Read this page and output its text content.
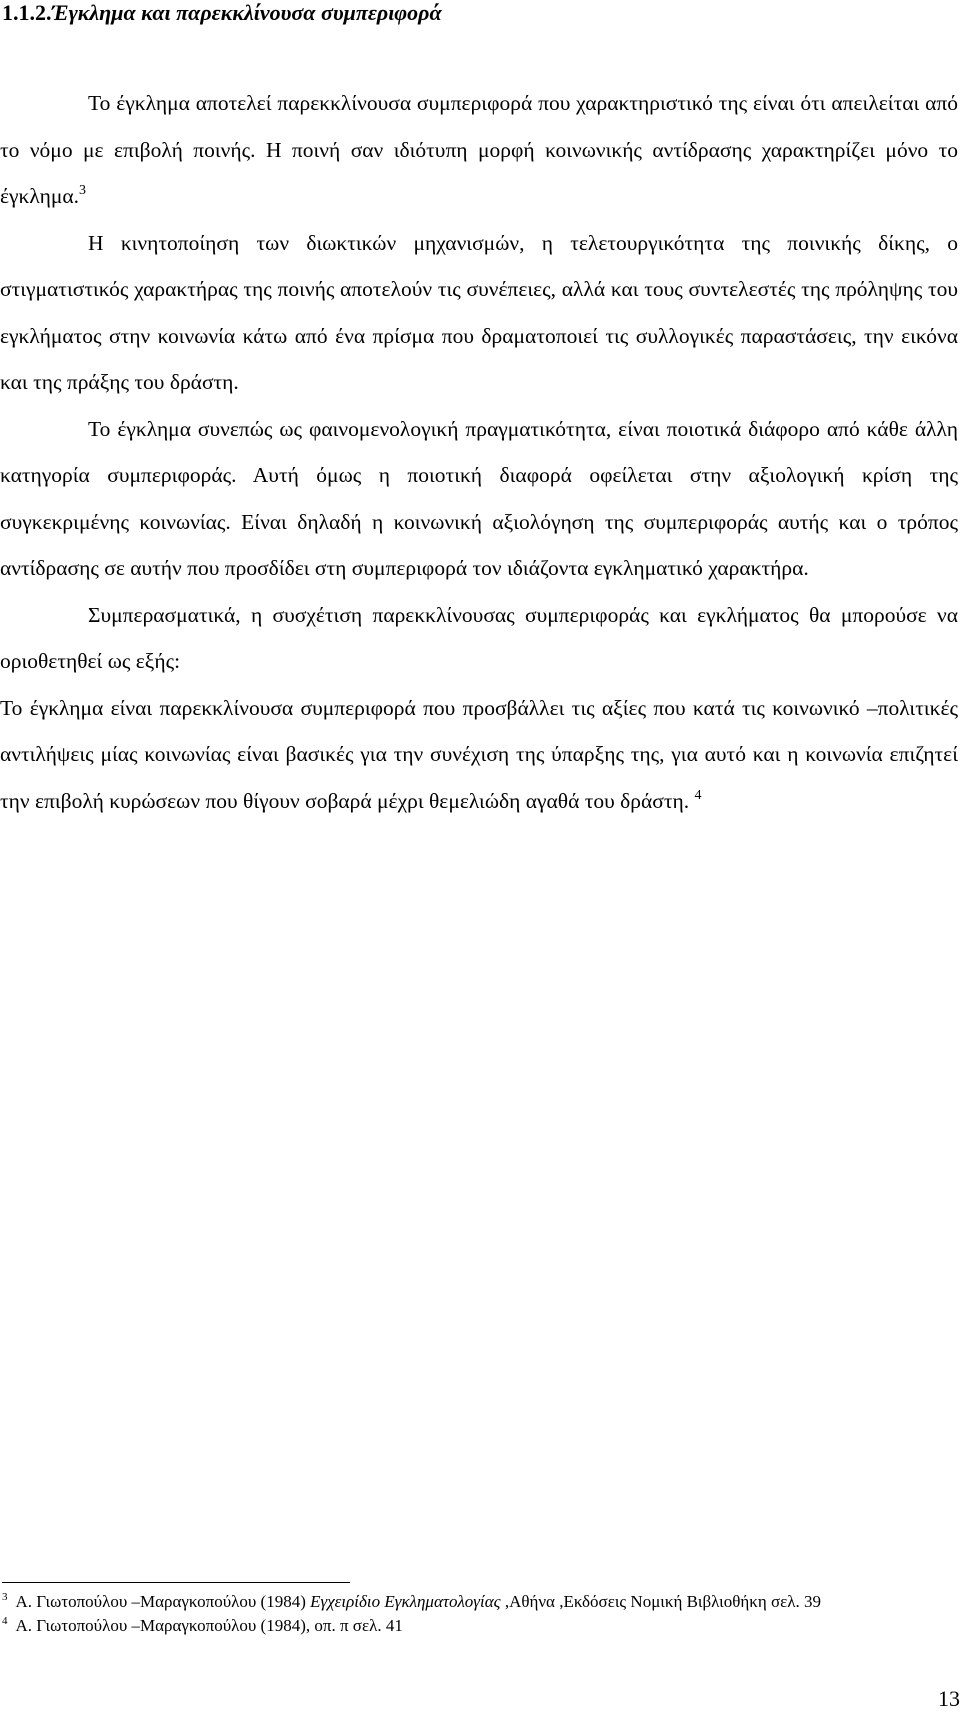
1.1.2.Έγκλημα και παρεκκλίνουσα συμπεριφορά

Το έγκλημα αποτελεί παρεκκλίνουσα συμπεριφορά που χαρακτηριστικό της είναι ότι απειλείται από το νόμο με επιβολή ποινής. Η ποινή σαν ιδιότυπη μορφή κοινωνικής αντίδρασης χαρακτηρίζει μόνο το έγκλημα.$^3$

Η κινητοποίηση των διωκτικών μηχανισμών, η τελετουργικότητα της ποινικής δίκης, ο στιγματιστικός χαρακτήρας της ποινής αποτελούν τις συνέπειες, αλλά και τους συντελεστές της πρόληψης του εγκλήματος στην κοινωνία κάτω από ένα πρίσμα που δραματοποιεί τις συλλογικές παραστάσεις, την εικόνα και της πράξης του δράστη.

Το έγκλημα συνεπώς ως φαινομενολογική πραγματικότητα, είναι ποιοτικά διάφορο από κάθε άλλη κατηγορία συμπεριφοράς. Αυτή όμως η ποιοτική διαφορά οφείλεται στην αξιολογική κρίση της συγκεκριμένης κοινωνίας. Είναι δηλαδή η κοινωνική αξιολόγηση της συμπεριφοράς αυτής και ο τρόπος αντίδρασης σε αυτήν που προσδίδει στη συμπεριφορά τον ιδιάζοντα εγκληματικό χαρακτήρα.

Συμπερασματικά, η συσχέτιση παρεκκλίνουσας συμπεριφοράς και εγκλήματος θα μπορούσε να οριοθετηθεί ως εξής:

Το έγκλημα είναι παρεκκλίνουσα συμπεριφορά που προσβάλλει τις αξίες που κατά τις κοινωνικό –πολιτικές αντιλήψεις μίας κοινωνίας είναι βασικές για την συνέχιση της ύπαρξης της, για αυτό και η κοινωνία επιζητεί την επιβολή κυρώσεων που θίγουν σοβαρά μέχρι θεμελιώδη αγαθά του δράστη. $^4$

$^3$ Α. Γιωτοπούλου –Μαραγκοπούλου (1984) Εγχειρίδιο Εγκληματολογίας ,Αθήνα ,Εκδόσεις Νομική Βιβλιοθήκη σελ. 39

$^4$ Α. Γιωτοπούλου –Μαραγκοπούλου (1984), οπ. π σελ. 41

13
